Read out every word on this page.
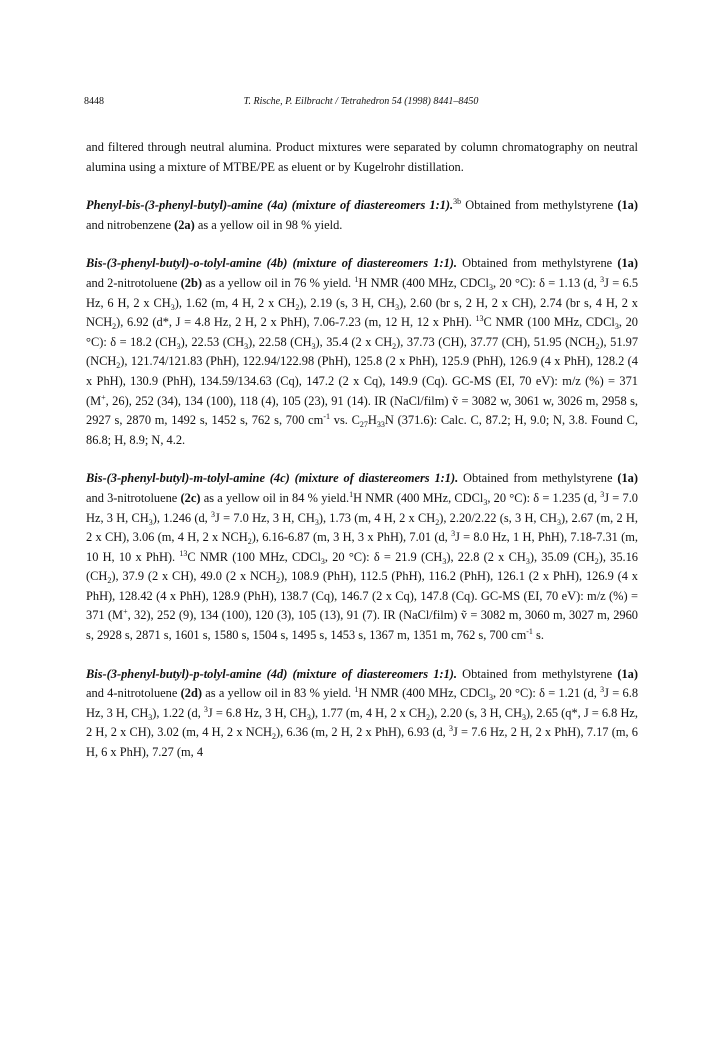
8448	T. Rische, P. Eilbracht / Tetrahedron 54 (1998) 8441–8450

and filtered through neutral alumina. Product mixtures were separated by column chromatography on neutral alumina using a mixture of MTBE/PE as eluent or by Kugelrohr distillation.

Phenyl-bis-(3-phenyl-butyl)-amine (4a) (mixture of diastereomers 1:1).$^{3b}$ Obtained from methylstyrene (1a) and nitrobenzene (2a) as a yellow oil in 98 % yield.

Bis-(3-phenyl-butyl)-o-tolyl-amine (4b) (mixture of diastereomers 1:1). Obtained from methylstyrene (1a) and 2-nitrotoluene (2b) as a yellow oil in 76 % yield. $^1$H NMR (400 MHz, CDCl$_3$, 20 °C): δ = 1.13 (d, $^3$J = 6.5 Hz, 6 H, 2 x $CH_3$), 1.62 (m, 4 H, 2 x $CH_2$), 2.19 (s, 3 H, $CH_3$), 2.60 (br s, 2 H, 2 x CH), 2.74 (br s, 4 H, 2 x $NCH_2$), 6.92 (d*, J = 4.8 Hz, 2 H, 2 x PhH), 7.06-7.23 (m, 12 H, 12 x PhH). $^{13}$C NMR (100 MHz, CDCl$_3$, 20 °C): δ = 18.2 $(CH_3)$, 22.53 $(CH_3)$, 22.58 $(CH_3)$, 35.4 (2 x $CH_2$), 37.73 (CH), 37.77 (CH), 51.95 $(NCH_2)$, 51.97 $(NCH_2)$, 121.74/121.83 (PhH), 122.94/122.98 (PhH), 125.8 (2 x PhH), 125.9 (PhH), 126.9 (4 x PhH), 128.2 (4 x PhH), 130.9 (PhH), 134.59/134.63 (Cq), 147.2 (2 x Cq), 149.9 (Cq). GC-MS (EI, 70 eV): m/z (%) = 371 (M+, 26), 252 (34), 134 (100), 118 (4), 105 (23), 91 (14). IR (NaCl/film) ṽ = 3082 w, 3061 w, 3026 m, 2958 s, 2927 s, 2870 m, 1492 s, 1452 s, 762 s, 700 $cm^{-1}$ vs. $C_{27}H_{33}N$ (371.6): Calc. C, 87.2; H, 9.0; N, 3.8. Found C, 86.8; H, 8.9; N, 4.2.

Bis-(3-phenyl-butyl)-m-tolyl-amine (4c) (mixture of diastereomers 1:1). Obtained from methylstyrene (1a) and 3-nitrotoluene (2c) as a yellow oil in 84 % yield.$^1$H NMR (400 MHz, CDCl$_3$, 20 °C): δ = 1.235 (d, $^3$J = 7.0 Hz, 3 H, $CH_3$), 1.246 (d, $^3$J = 7.0 Hz, 3 H, $CH_3$), 1.73 (m, 4 H, 2 x $CH_2$), 2.20/2.22 (s, 3 H, $CH_3$), 2.67 (m, 2 H, 2 x CH), 3.06 (m, 4 H, 2 x $NCH_2$), 6.16-6.87 (m, 3 H, 3 x PhH), 7.01 (d, $^3$J = 8.0 Hz, 1 H, PhH), 7.18-7.31 (m, 10 H, 10 x PhH). $^{13}$C NMR (100 MHz, CDCl$_3$, 20 °C): δ = 21.9 $(CH_3)$, 22.8 (2 x $CH_3$), 35.09 $(CH_2)$, 35.16 $(CH_2)$, 37.9 (2 x CH), 49.0 (2 x $NCH_2$), 108.9 (PhH), 112.5 (PhH), 116.2 (PhH), 126.1 (2 x PhH), 126.9 (4 x PhH), 128.42 (4 x PhH), 128.9 (PhH), 138.7 (Cq), 146.7 (2 x Cq), 147.8 (Cq). GC-MS (EI, 70 eV): m/z (%) = 371 (M+, 32), 252 (9), 134 (100), 120 (3), 105 (13), 91 (7). IR (NaCl/film) ṽ = 3082 m, 3060 m, 3027 m, 2960 s, 2928 s, 2871 s, 1601 s, 1580 s, 1504 s, 1495 s, 1453 s, 1367 m, 1351 m, 762 s, 700 $cm^{-1}$ s.

Bis-(3-phenyl-butyl)-p-tolyl-amine (4d) (mixture of diastereomers 1:1). Obtained from methylstyrene (1a) and 4-nitrotoluene (2d) as a yellow oil in 83 % yield. $^1$H NMR (400 MHz, CDCl$_3$, 20 °C): δ = 1.21 (d, $^3$J = 6.8 Hz, 3 H, $CH_3$), 1.22 (d, $^3$J = 6.8 Hz, 3 H, $CH_3$), 1.77 (m, 4 H, 2 x $CH_2$), 2.20 (s, 3 H, $CH_3$), 2.65 (q*, J = 6.8 Hz, 2 H, 2 x CH), 3.02 (m, 4 H, 2 x $NCH_2$), 6.36 (m, 2 H, 2 x PhH), 6.93 (d, $^3$J = 7.6 Hz, 2 H, 2 x PhH), 7.17 (m, 6 H, 6 x PhH), 7.27 (m, 4
